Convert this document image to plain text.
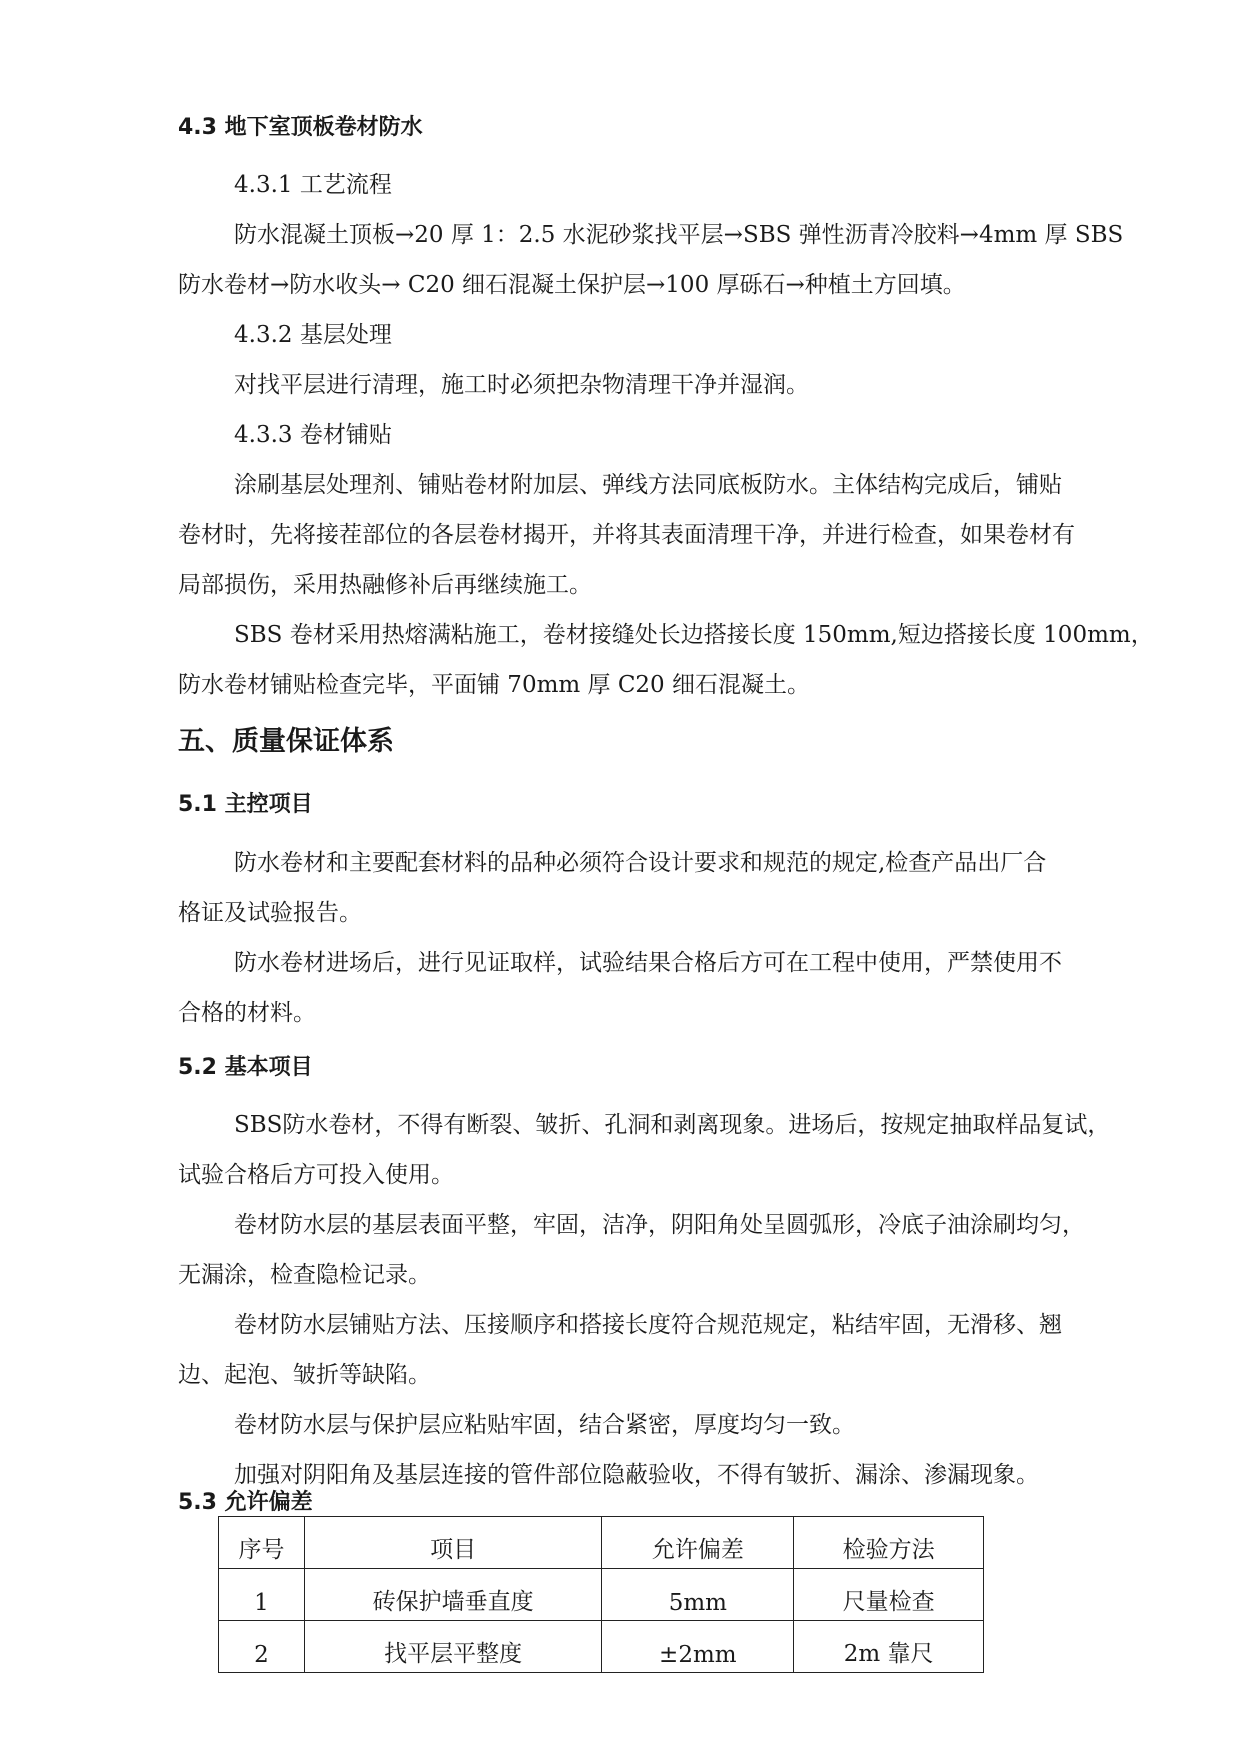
4.3 地下室顶板卷材防水
4.3.1 工艺流程
防水混凝土顶板→20 厚 1：2.5 水泥砂浆找平层→SBS 弹性沥青冷胶料→4mm 厚 SBS
防水卷材→防水收头→ C20 细石混凝土保护层→100 厚砾石→种植土方回填。
4.3.2 基层处理
对找平层进行清理，施工时必须把杂物清理干净并湿润。
4.3.3 卷材铺贴
涂刷基层处理剂、铺贴卷材附加层、弹线方法同底板防水。主体结构完成后，铺贴
卷材时，先将接茬部位的各层卷材揭开，并将其表面清理干净，并进行检查，如果卷材有
局部损伤，采用热融修补后再继续施工。
SBS 卷材采用热熔满粘施工，卷材接缝处长边搭接长度 150mm,短边搭接长度 100mm，
防水卷材铺贴检查完毕，平面铺 70mm 厚 C20 细石混凝土。
五、质量保证体系
5.1 主控项目
防水卷材和主要配套材料的品种必须符合设计要求和规范的规定,检查产品出厂合
格证及试验报告。
防水卷材进场后，进行见证取样，试验结果合格后方可在工程中使用，严禁使用不
合格的材料。
5.2 基本项目
SBS防水卷材，不得有断裂、皱折、孔洞和剥离现象。进场后，按规定抽取样品复试，
试验合格后方可投入使用。
卷材防水层的基层表面平整，牢固，洁净，阴阳角处呈圆弧形，冷底子油涂刷均匀，
无漏涂，检查隐检记录。
卷材防水层铺贴方法、压接顺序和搭接长度符合规范规定，粘结牢固，无滑移、翘
边、起泡、皱折等缺陷。
卷材防水层与保护层应粘贴牢固，结合紧密，厚度均匀一致。
加强对阴阳角及基层连接的管件部位隐蔽验收，不得有皱折、漏涂、渗漏现象。
5.3 允许偏差
序号	项目	允许偏差	检验方法
1	砖保护墙垂直度	5mm	尺量检查
2	找平层平整度	±2mm	2m 靠尺
